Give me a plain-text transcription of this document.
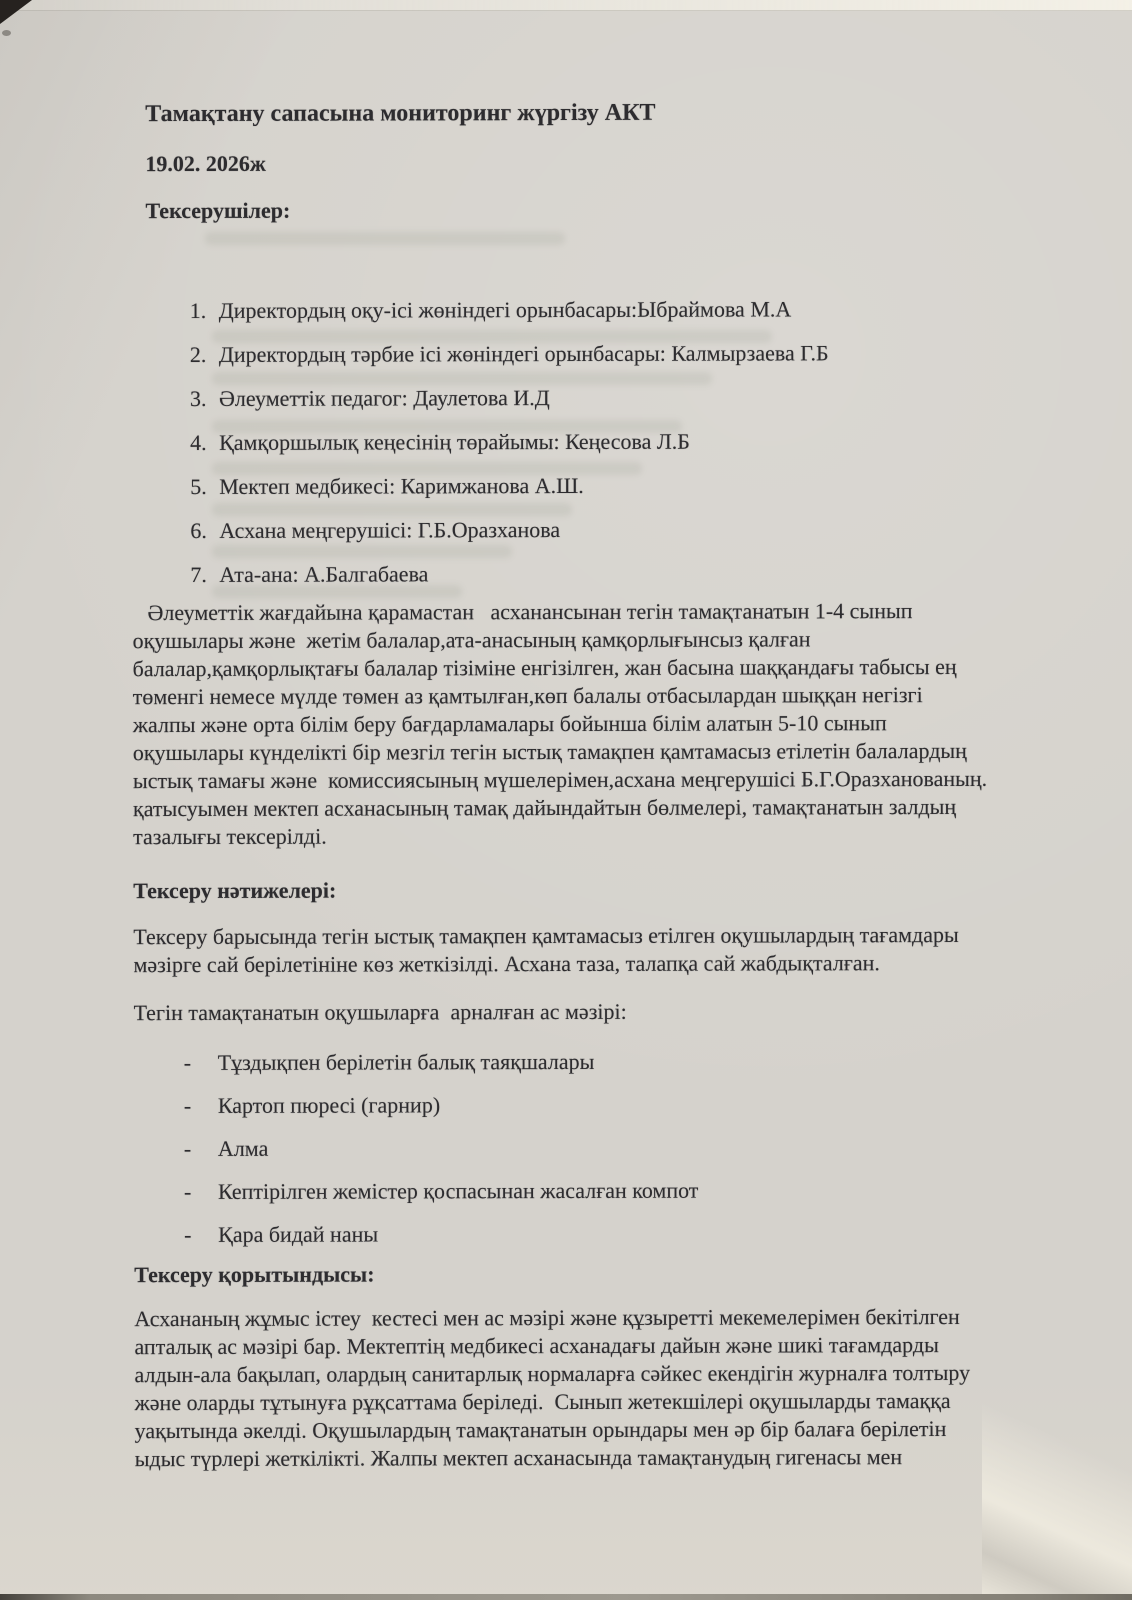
Тамақтану сапасына мониторинг жүргізу АКТ

19.02. 2026ж

Тексерушілер:

1. Директордың оқу-ісі жөніндегі орынбасары:Ыбраймова М.А
2. Директордың тәрбие ісі жөніндегі орынбасары: Калмырзаева Г.Б
3. Әлеуметтік педагог: Даулетова И.Д
4. Қамқоршылық кеңесінің төрайымы: Кеңесова Л.Б
5. Мектеп медбикесі: Каримжанова А.Ш.
6. Асхана меңгерушісі: Г.Б.Оразханова
7. Ата-ана: А.Балгабаева

Әлеуметтік жағдайына қарамастан   асханансынан тегін тамақтанатын 1-4 сынып
оқушылары және  жетім балалар,ата-анасының қамқорлығынсыз қалған
балалар,қамқорлықтағы балалар тізіміне енгізілген, жан басына шаққандағы табысы ең
төменгі немесе мүлде төмен аз қамтылған,көп балалы отбасылардан шыққан негізгі
жалпы және орта білім беру бағдарламалары бойынша білім алатын 5-10 сынып
оқушылары күнделікті бір мезгіл тегін ыстық тамақпен қамтамасыз етілетін балалардың
ыстық тамағы және  комиссиясының мүшелерімен,асхана меңгерушісі Б.Г.Оразханованың.
қатысуымен мектеп асханасының тамақ дайындайтын бөлмелері, тамақтанатын залдың
тазалығы тексерілді.

Тексеру нәтижелері:

Тексеру барысында тегін ыстық тамақпен қамтамасыз етілген оқушылардың тағамдары
мәзірге сай берілетініне көз жеткізілді. Асхана таза, талапқа сай жабдықталған.

Тегін тамақтанатын оқушыларға  арналған ас мәзірі:

- Тұздықпен берілетін балық таяқшалары
- Картоп пюресі (гарнир)
- Алма
- Кептірілген жемістер қоспасынан жасалған компот
- Қара бидай наны
Тексеру қорытындысы:

Асхананың жұмыс істеу  кестесі мен ас мәзірі және құзыретті мекемелерімен бекітілген
апталық ас мәзірі бар. Мектептің медбикесі асханадағы дайын және шикі тағамдарды
алдын-ала бақылап, олардың санитарлық нормаларға сәйкес екендігін журналға толтыру
және оларды тұтынуға рұқсаттама беріледі.  Сынып жетекшілері оқушыларды тамаққа
уақытында әкелді. Оқушылардың тамақтанатын орындары мен әр бір балаға берілетін
ыдыс түрлері жеткілікті. Жалпы мектеп асханасында тамақтанудың гигенасы мен
